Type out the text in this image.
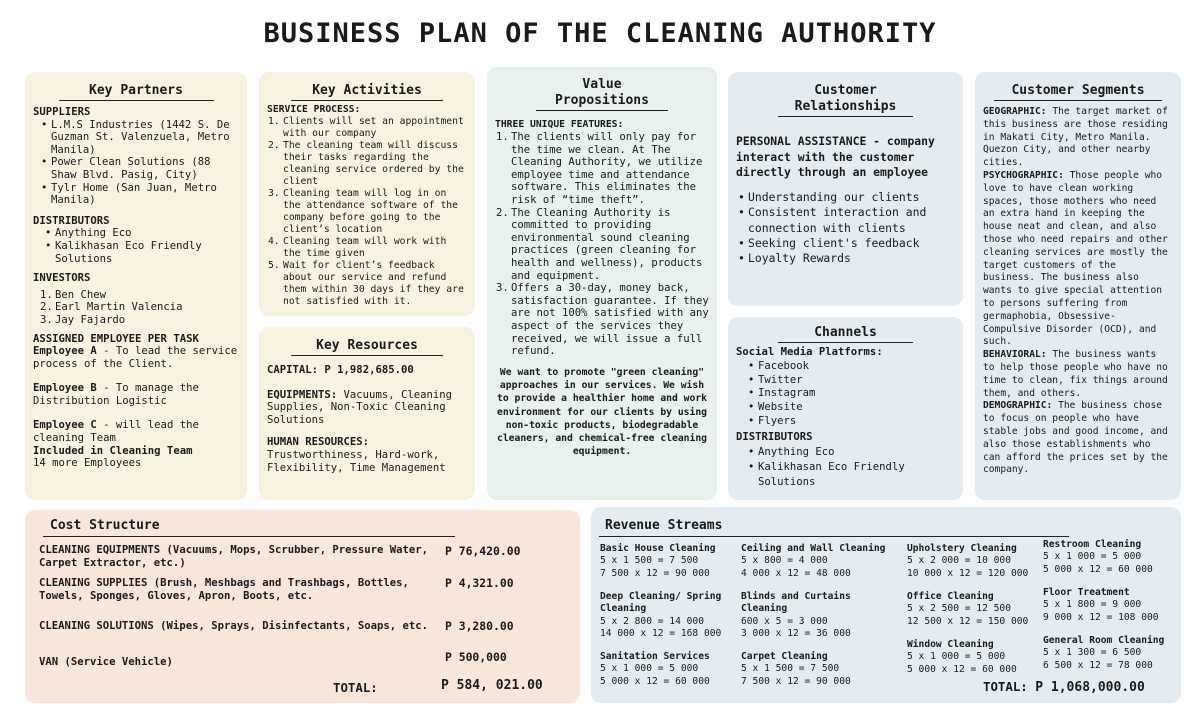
BUSINESS PLAN OF THE CLEANING AUTHORITY
Key Partners
SUPPLIERS
• L.M.S Industries (1442 S. De Guzman St. Valenzuela, Metro Manila)
• Power Clean Solutions (88 Shaw Blvd. Pasig, City)
• Tylr Home (San Juan, Metro Manila)
DISTRIBUTORS
• Anything Eco
• Kalikhasan Eco Friendly Solutions
INVESTORS
1. Ben Chew
2. Earl Martin Valencia
3. Jay Fajardo
ASSIGNED EMPLOYEE PER TASK
Employee A - To lead the service process of the Client.
Employee B - To manage the Distribution Logistic
Employee C - will lead the cleaning Team
Included in Cleaning Team
14 more Employees
Key Activities
SERVICE PROCESS:
1. Clients will set an appointment with our company
2. The cleaning team will discuss their tasks regarding the cleaning service ordered by the client
3. Cleaning team will log in on the attendance software of the company before going to the client’s location
4. Cleaning team will work with the time given
5. Wait for client’s feedback about our service and refund them within 30 days if they are not satisfied with it.
Key Resources
CAPITAL: P 1,982,685.00
EQUIPMENTS: Vacuums, Cleaning Supplies, Non-Toxic Cleaning Solutions
HUMAN RESOURCES:
Trustworthiness, Hard-work, Flexibility, Time Management
Value
Propositions
THREE UNIQUE FEATURES:
1. The clients will only pay for the time we clean. At The Cleaning Authority, we utilize employee time and attendance software. This eliminates the risk of “time theft”.
2. The Cleaning Authority is committed to providing environmental sound cleaning practices (green cleaning for health and wellness), products and equipment.
3. Offers a 30-day, money back, satisfaction guarantee. If they are not 100% satisfied with any aspect of the services they received, we will issue a full refund.
We want to promote "green cleaning" approaches in our services. We wish to provide a healthier home and work environment for our clients by using non-toxic products, biodegradable cleaners, and chemical-free cleaning equipment.
Customer
Relationships
PERSONAL ASSISTANCE - company interact with the customer directly through an employee
• Understanding our clients
• Consistent interaction and connection with clients
• Seeking client's feedback
• Loyalty Rewards
Channels
Social Media Platforms:
• Facebook
• Twitter
• Instagram
• Website
• Flyers
DISTRIBUTORS
• Anything Eco
• Kalikhasan Eco Friendly Solutions
Customer Segments
GEOGRAPHIC: The target market of this business are those residing in Makati City, Metro Manila. Quezon City, and other nearby cities.
PSYCHOGRAPHIC: Those people who love to have clean working spaces, those mothers who need an extra hand in keeping the house neat and clean, and also those who need repairs and other cleaning services are mostly the target customers of the business. The business also wants to give special attention to persons suffering from germaphobia, Obsessive-Compulsive Disorder (OCD), and such.
BEHAVIORAL: The business wants to help those people who have no time to clean, fix things around them, and others.
DEMOGRAPHIC: The business chose to focus on people who have stable jobs and good income, and also those establishments who can afford the prices set by the company.
Cost Structure
CLEANING EQUIPMENTS (Vacuums, Mops, Scrubber, Pressure Water, Carpet Extractor, etc.)
CLEANING SUPPLIES (Brush, Meshbags and Trashbags, Bottles, Towels, Sponges, Gloves, Apron, Boots, etc.
CLEANING SOLUTIONS (Wipes, Sprays, Disinfectants, Soaps, etc.
VAN (Service Vehicle)
P 76,420.00
P 4,321.00
P 3,280.00
P 500,000
TOTAL:	P 584, 021.00
Revenue Streams
Basic House Cleaning
5 x 1 500 = 7 500
7 500 x 12 = 90 000
Deep Cleaning/ Spring Cleaning
5 x 2 800 = 14 000
14 000 x 12 = 168 000
Sanitation Services
5 x 1 000 = 5 000
5 000 x 12 = 60 000
Ceiling and Wall Cleaning
5 x 800 = 4 000
4 000 x 12 = 48 000
Blinds and Curtains Cleaning
600 x 5 = 3 000
3 000 x 12 = 36 000
Carpet Cleaning
5 x 1 500 = 7 500
7 500 x 12 = 90 000
Upholstery Cleaning
5 x 2 000 = 10 000
10 000 x 12 = 120 000
Office Cleaning
5 x 2 500 = 12 500
12 500 x 12 = 150 000
Window Cleaning
5 x 1 000 = 5 000
5 000 x 12 = 60 000
Restroom Cleaning
5 x 1 000 = 5 000
5 000 x 12 = 60 000
Floor Treatment
5 x 1 800 = 9 000
9 000 x 12 = 108 000
General Room Cleaning
5 x 1 300 = 6 500
6 500 x 12 = 78 000
TOTAL: P 1,068,000.00
